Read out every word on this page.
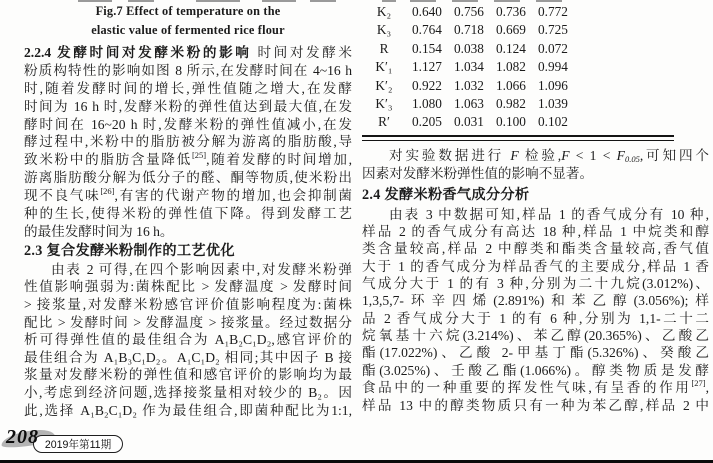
Fig.7 Effect of temperature on the
elastic value of fermented rice flour
2.2.4 发酵时间对发酵米粉的影响 时间对发酵米
粉质构特性的影响如图 8 所示,在发酵时间在 4~16 h
时,随着发酵时间的增长,弹性值随之增大,在发酵
时间为 16 h 时,发酵米粉的弹性值达到最大值,在发
酵时间在 16~20 h 时,发酵米粉的弹性值减小,在发
酵过程中,米粉中的脂肪被分解为游离的脂肪酸,导
致米粉中的脂肪含量降低[25],随着发酵的时间增加,
游离脂肪酸分解为低分子的醛、酮等物质,使米粉出
现不良气味[26],有害的代谢产物的增加,也会抑制菌
种的生长,使得米粉的弹性值下降。得到发酵工艺
的最佳发酵时间为 16 h。
2.3 复合发酵米粉制作的工艺优化
由表 2 可得,在四个影响因素中,对发酵米粉弹
性值影响强弱为:菌株配比 > 发酵温度 > 发酵时间
> 接浆量,对发酵米粉感官评价值影响程度为:菌株
配比 > 发酵时间 > 发酵温度 > 接浆量。经过数据分
析可得弹性值的最佳组合为 A₁B₂C₁D₂,感官评价的
最佳组合为 A₁B₃C₁D₂。A₁C₁D₂ 相同;其中因子 B 接
浆量对发酵米粉的弹性值和感官评价的影响均为最
小,考虑到经济问题,选择接浆量相对较少的 B₂。因
此,选择 A₁B₂C₁D₂ 作为最佳组合,即菌种配比为1:1,
K₂	0.640 0.756 0.736 0.772
K₃	0.764 0.718 0.669 0.725
R	0.154 0.038 0.124 0.072
K′₁	1.127 1.034 1.082 0.994
K′₂	0.922 1.032 1.066 1.096
K′₃	1.080 1.063 0.982 1.039
R′	0.205 0.031 0.100 0.102
对实验数据进行 F 检验$,F < 1 < F_{0.05}$,可知四个
因素对发酵米粉弹性值的影响不显著。
2.4 发酵米粉香气成分分析
由表 3 中数据可知,样品 1 的香气成分有 10 种,
样品 2 的香气成分有高达 18 种,样品 1 中烷类和醇
类含量较高,样品 2 中醇类和酯类含量较高,香气值
大于 1 的香气成分为样品香气的主要成分,样品 1 香
气成分大于 1 的有 3 种,分别为二十九烷(3.012%)、
1,3,5,7-环辛四烯(2.891%)和苯乙醇(3.056%);样
品 2 香气成分大于 1 的有 6 种,分别为 1,1-二十二
烷氧基十六烷(3.214%)、苯乙醇(20.365%)、乙酸乙
酯(17.022%)、乙酸 2-甲基丁酯(5.326%)、癸酸乙
酯(3.025%)、壬酸乙酯(1.066%)。醇类物质是发酵
食品中的一种重要的挥发性气味,有呈香的作用[27],
样品 13 中的醇类物质只有一种为苯乙醇,样品 2 中
208 2019年第11期
